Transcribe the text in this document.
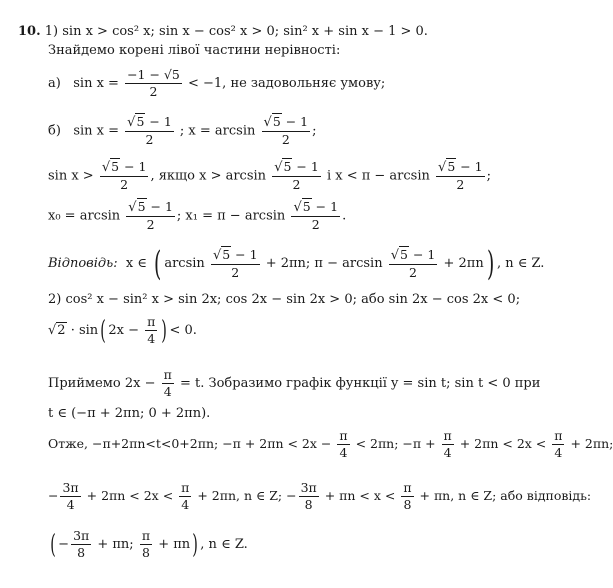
10. 1) sin x > cos² x; sin x − cos² x > 0; sin² x + sin x − 1 > 0.
Знайдемо корені лівої частини нерівності:
а) $\sin x = \frac{-1 - √5}{2} < -1$, не задовольняє умову;
б) $\sin x = \frac{√5 - 1}{2}$ ; $x = \arcsin \frac{√5 - 1}{2}$ ;
$\sin x > \frac{√5 - 1}{2}$ , якщо $x > \arcsin \frac{√5 - 1}{2}$ і $x < \pi - \arcsin \frac{√5 - 1}{2}$ ;
$x_0 = \arcsin \frac{√5 - 1}{2}$ ; $x_1 = \pi - \arcsin \frac{√5 - 1}{2}$ .
Відповідь: x ∈ ( $\arcsin \frac{√5 - 1}{2} + 2\pi n$; $\pi - \arcsin \frac{√5 - 1}{2} + 2\pi n$) , n ∈ Z.
2) cos² x − sin² x > sin 2x; cos 2x − sin 2x > 0; або sin 2x − cos 2x < 0;
√2 · sin( $2x - \frac{\pi}{4}$ ) < 0.
Приймемо $2x - \frac{\pi}{4} = t$. Зобразимо графік функції y = sin t; sin t < 0 при
t ∈ (−π + 2πn; 0 + 2πn).
Отже, −π+2πn<t<0+2πn; $-\pi + 2\pi n < 2x - \frac{\pi}{4} < 2\pi n$; $-\pi + \frac{\pi}{4} + 2\pi n < 2x < \frac{\pi}{4} + 2\pi n$;
− $\frac{3\pi}{4} + 2\pi n < 2x < \frac{\pi}{4} + 2\pi n$, n ∈ Z; − $\frac{3\pi}{8} + \pi n < x < \frac{\pi}{8} + \pi n$, n ∈ Z; або відповідь:
( − $\frac{3\pi}{8} + \pi n$; $\frac{\pi}{8} + \pi n$) , n ∈ Z.
